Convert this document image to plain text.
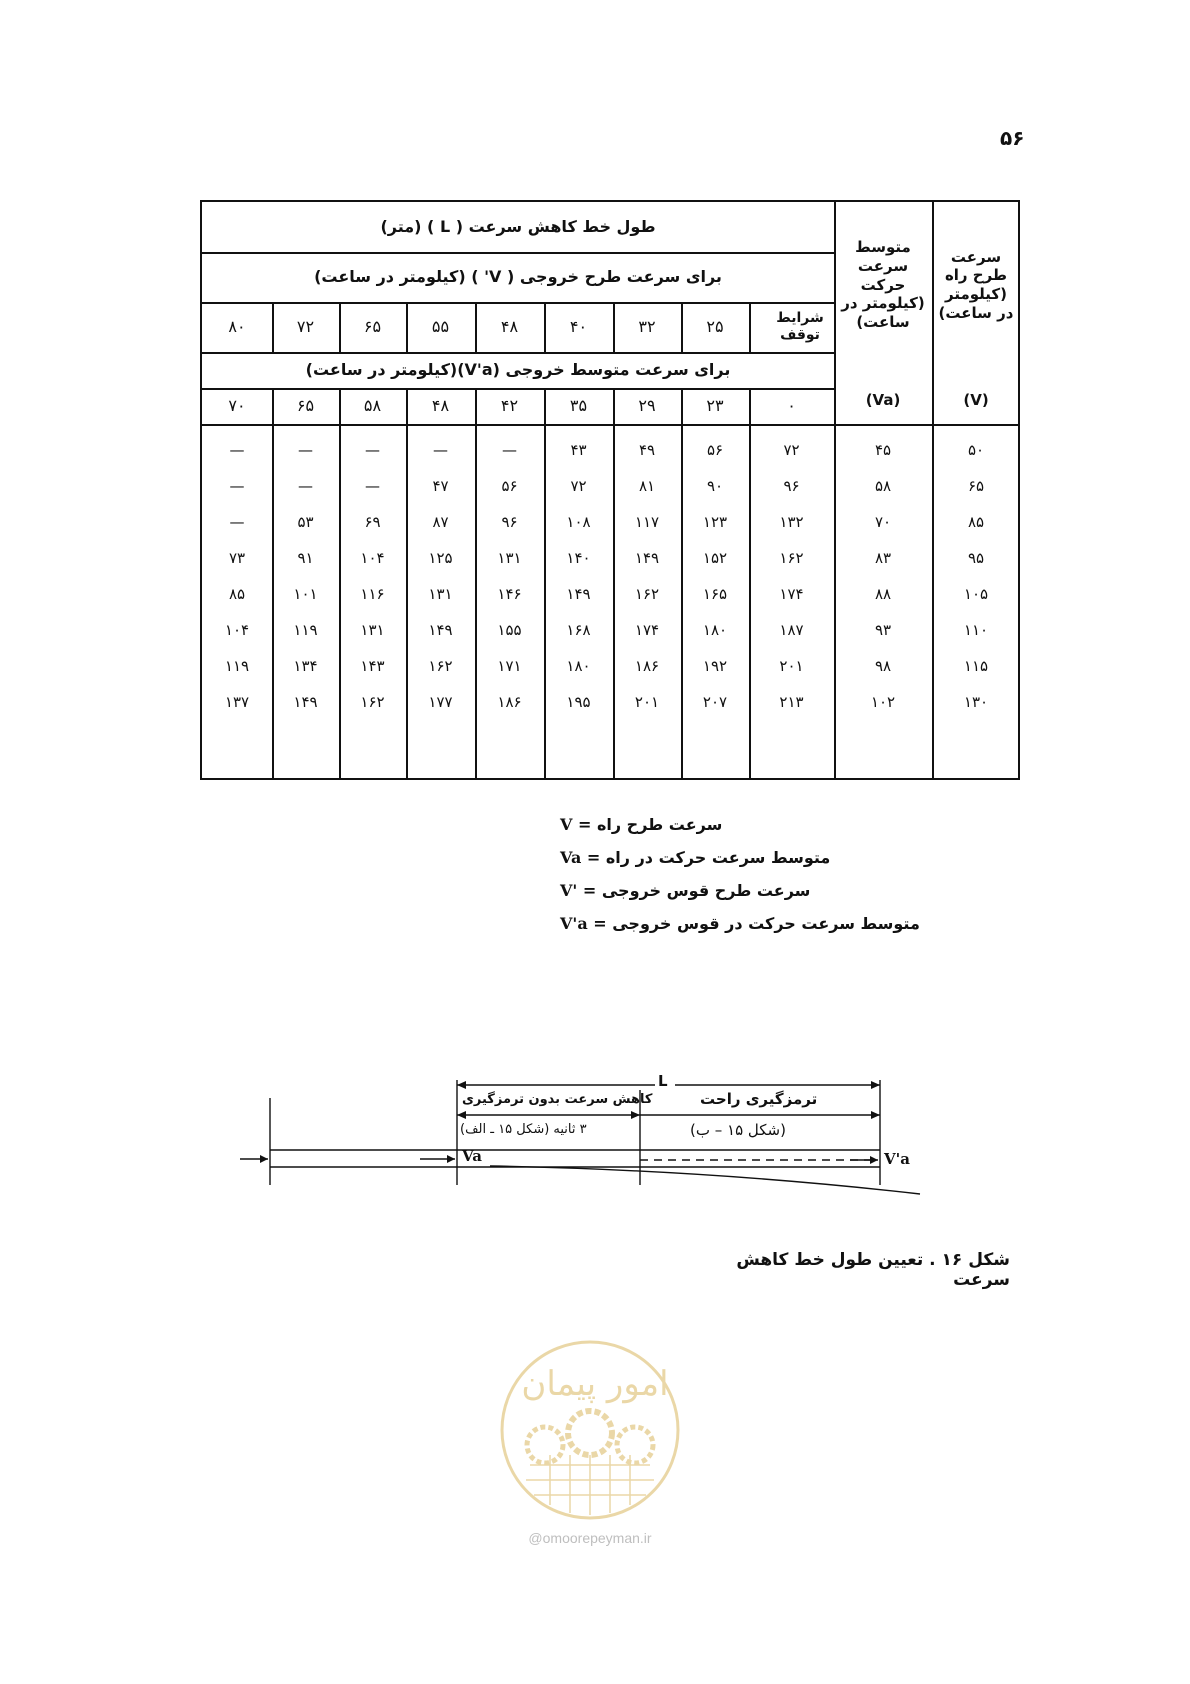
۵۶
طول خط کاهش سرعت ( L ) (متر)
برای سرعت طرح خروجی ( V' ) (کیلومتر در ساعت)
برای سرعت متوسط خروجی (V'a)(کیلومتر در ساعت)
سرعت طرح راه (کیلومتر در ساعت)
(V)
متوسط سرعت حرکت (کیلومتر در ساعت)
(Va)
شرایط توقف
۸۰	۷۲	۶۵	۵۵	۴۸	۴۰	۳۲	۲۵
۷۰	۶۵	۵۸	۴۸	۴۲	۳۵	۲۹	۲۳	۰
—	—	—	—	—	۴۳	۴۹	۵۶	۷۲	۴۵	۵۰
—	—	—	۴۷	۵۶	۷۲	۸۱	۹۰	۹۶	۵۸	۶۵
—	۵۳	۶۹	۸۷	۹۶	۱۰۸	۱۱۷	۱۲۳	۱۳۲	۷۰	۸۵
۷۳	۹۱	۱۰۴	۱۲۵	۱۳۱	۱۴۰	۱۴۹	۱۵۲	۱۶۲	۸۳	۹۵
۸۵	۱۰۱	۱۱۶	۱۳۱	۱۴۶	۱۴۹	۱۶۲	۱۶۵	۱۷۴	۸۸	۱۰۵
۱۰۴	۱۱۹	۱۳۱	۱۴۹	۱۵۵	۱۶۸	۱۷۴	۱۸۰	۱۸۷	۹۳	۱۱۰
۱۱۹	۱۳۴	۱۴۳	۱۶۲	۱۷۱	۱۸۰	۱۸۶	۱۹۲	۲۰۱	۹۸	۱۱۵
۱۳۷	۱۴۹	۱۶۲	۱۷۷	۱۸۶	۱۹۵	۲۰۱	۲۰۷	۲۱۳	۱۰۲	۱۳۰
V = سرعت طرح راه
Va = متوسط سرعت حرکت در راه
V' = سرعت طرح قوس خروجی
V'a = متوسط سرعت حرکت در قوس خروجی
L
ترمزگیری راحت
(شکل ۱۵ – ب)
کاهش سرعت بدون ترمزگیری
۳ ثانیه (شکل ۱۵ ـ الف)
Va	V'a
شکل ۱۶ . تعیین طول خط کاهش سرعت
امور پیمان
@omoorepeyman.ir
